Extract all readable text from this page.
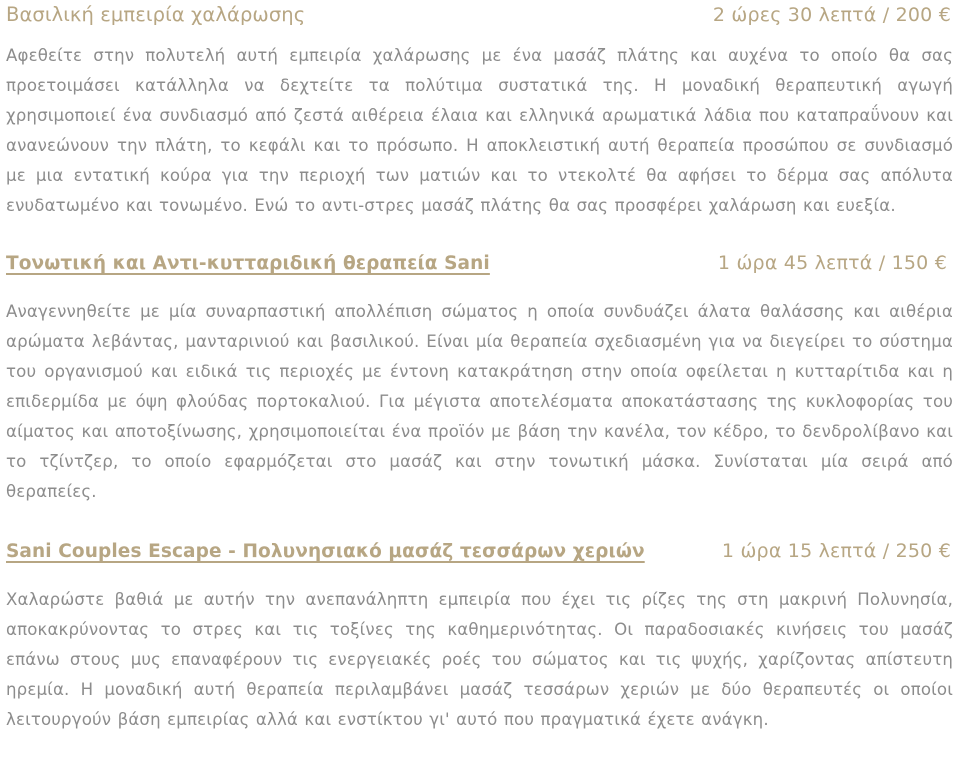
Βασιλική εμπειρία χαλάρωσης	2 ώρες 30 λεπτά / 200 €

Αφεθείτε στην πολυτελή αυτή εμπειρία χαλάρωσης με ένα μασάζ πλάτης και αυχένα το οποίο θα σας προετοιμάσει κατάλληλα να δεχτείτε τα πολύτιμα συστατικά της. Η μοναδική θεραπευτική αγωγή χρησιμοποιεί ένα συνδιασμό από ζεστά αιθέρεια έλαια και ελληνικά αρωματικά λάδια που καταπραΰνουν και ανανεώνουν την πλάτη, το κεφάλι και το πρόσωπο. Η αποκλειστική αυτή θεραπεία προσώπου σε συνδιασμό με μια εντατική κούρα για την περιοχή των ματιών και το ντεκολτέ θα αφήσει το δέρμα σας απόλυτα ενυδατωμένο και τονωμένο. Ενώ το αντι-στρες μασάζ πλάτης θα σας προσφέρει χαλάρωση και ευεξία.

Τονωτική και Αντι-κυτταριδική θεραπεία Sani	1 ώρα 45 λεπτά / 150 €

Αναγεννηθείτε με μία συναρπαστική απολλέπιση σώματος η οποία συνδυάζει άλατα θαλάσσης και αιθέρια αρώματα λεβάντας, μανταρινιού και βασιλικού. Είναι μία θεραπεία σχεδιασμένη για να διεγείρει το σύστημα του οργανισμού και ειδικά τις περιοχές με έντονη κατακράτηση στην οποία οφείλεται η κυτταρίτιδα και η επιδερμίδα με όψη φλούδας πορτοκαλιού. Για μέγιστα αποτελέσματα αποκατάστασης της κυκλοφορίας του αίματος και αποτοξίνωσης, χρησιμοποιείται ένα προϊόν με βάση την κανέλα, τον κέδρο, το δενδρολίβανο και το τζίντζερ, το οποίο εφαρμόζεται στο μασάζ και στην τονωτική μάσκα. Συνίσταται μία σειρά από θεραπείες.

Sani Couples Escape - Πολυνησιακό μασάζ τεσσάρων χεριών	1 ώρα 15 λεπτά / 250 €

Χαλαρώστε βαθιά με αυτήν την ανεπανάληπτη εμπειρία που έχει τις ρίζες της στη μακρινή Πολυνησία, αποκακρύνοντας το στρες και τις τοξίνες της καθημερινότητας. Οι παραδοσιακές κινήσεις του μασάζ επάνω στους μυς επαναφέρουν τις ενεργειακές ροές του σώματος και τις ψυχής, χαρίζοντας απίστευτη ηρεμία. Η μοναδική αυτή θεραπεία περιλαμβάνει μασάζ τεσσάρων χεριών με δύο θεραπευτές οι οποίοι λειτουργούν βάση εμπειρίας αλλά και ενστίκτου γι' αυτό που πραγματικά έχετε ανάγκη.
